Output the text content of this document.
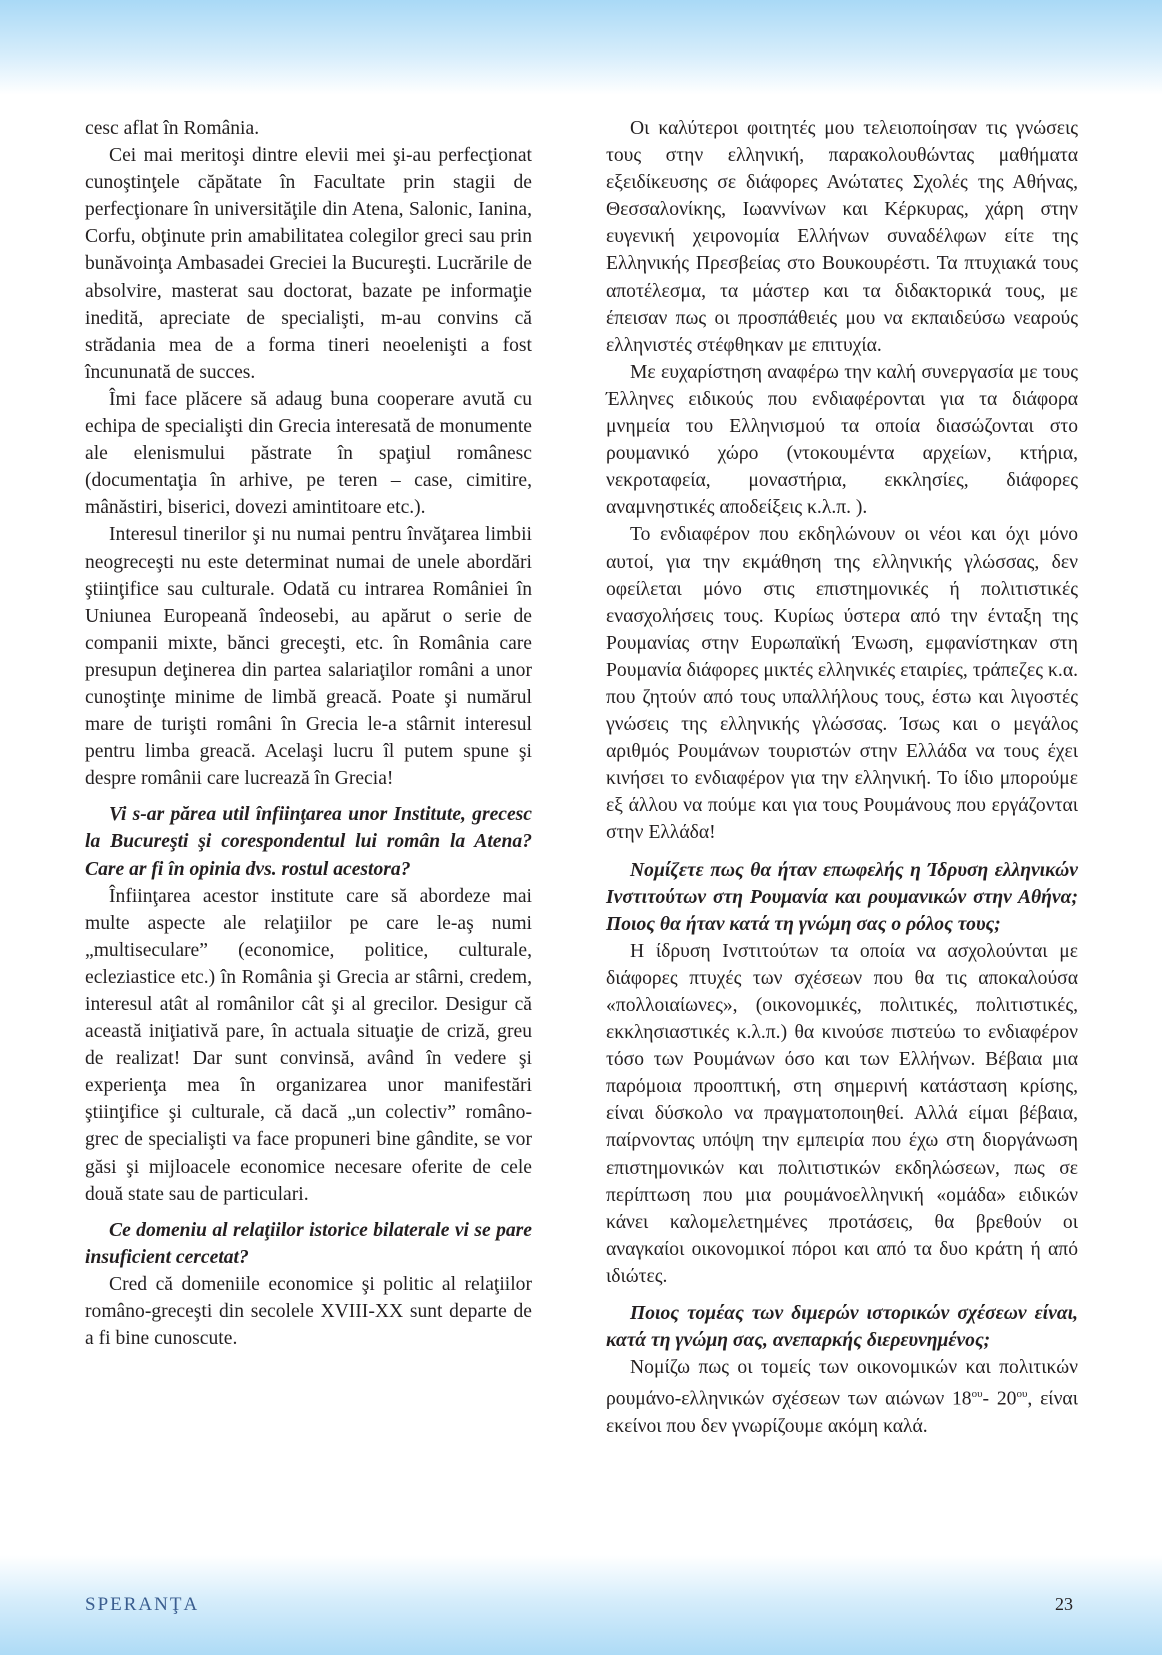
cesc aflat în România.

Cei mai meritoşi dintre elevii mei şi-au perfecţionat cunoştinţele căpătate în Facultate prin stagii de perfecţionare în universităţile din Atena, Salonic, Ianina, Corfu, obţinute prin amabilitatea colegilor greci sau prin bunăvoinţa Ambasadei Greciei la Bucureşti. Lucrările de absolvire, masterat sau doctorat, bazate pe informaţie inedită, apreciate de specialişti, m-au convins că strădania mea de a forma tineri neoelenişti a fost încununată de succes.

Îmi face plăcere să adaug buna cooperare avută cu echipa de specialişti din Grecia interesată de monumente ale elenismului păstrate în spaţiul românesc (documentaţia în arhive, pe teren – case, cimitire, mânăstiri, biserici, dovezi amintitoare etc.).

Interesul tinerilor şi nu numai pentru învăţarea limbii neogreceşti nu este determinat numai de unele abordări ştiinţifice sau culturale. Odată cu intrarea României în Uniunea Europeană îndeosebi, au apărut o serie de companii mixte, bănci greceşti, etc. în România care presupun deţinerea din partea salariaţilor români a unor cunoştinţe minime de limbă greacă. Poate şi numărul mare de turişti români în Grecia le-a stârnit interesul pentru limba greacă. Acelaşi lucru îl putem spune şi despre românii care lucrează în Grecia!

Vi s-ar părea util înfiinţarea unor Institute, grecesc la Bucureşti şi corespondentul lui român la Atena? Care ar fi în opinia dvs. rostul acestora?

Înfiinţarea acestor institute care să abordeze mai multe aspecte ale relaţiilor pe care le-aş numi „multiseculare” (economice, politice, culturale, ecleziastice etc.) în România şi Grecia ar stârni, credem, interesul atât al românilor cât şi al grecilor. Desigur că această iniţiativă pare, în actuala situaţie de criză, greu de realizat! Dar sunt convinsă, având în vedere şi experienţa mea în organizarea unor manifestări ştiinţifice şi culturale, că dacă „un colectiv” româno-grec de specialişti va face propuneri bine gândite, se vor găsi şi mijloacele economice necesare oferite de cele două state sau de particulari.

Ce domeniu al relaţiilor istorice bilaterale vi se pare insuficient cercetat?

Cred că domeniile economice şi politic al relaţiilor româno-greceşti din secolele XVIII-XX sunt departe de a fi bine cunoscute.

Οι καλύτεροι φοιτητές μου τελειοποίησαν τις γνώσεις τους στην ελληνική, παρακολουθώντας μαθήματα εξειδίκευσης σε διάφορες Ανώτατες Σχολές της Αθήνας, Θεσσαλονίκης, Ιωαννίνων και Κέρκυρας, χάρη στην ευγενική χειρονομία Ελλήνων συναδέλφων είτε της Ελληνικής Πρεσβείας στο Βουκουρέστι. Τα πτυχιακά τους αποτέλεσμα, τα μάστερ και τα διδακτορικά τους, με έπεισαν πως οι προσπάθειές μου να εκπαιδεύσω νεαρούς ελληνιστές στέφθηκαν με επιτυχία.

Με ευχαρίστηση αναφέρω την καλή συνεργασία με τους Έλληνες ειδικούς που ενδιαφέρονται για τα διάφορα μνημεία του Ελληνισμού τα οποία διασώζονται στο ρουμανικό χώρο (ντοκουμέντα αρχείων, κτήρια, νεκροταφεία, μοναστήρια, εκκλησίες, διάφορες αναμνηστικές αποδείξεις κ.λ.π. ).

Το ενδιαφέρον που εκδηλώνουν οι νέοι και όχι μόνο αυτοί, για την εκμάθηση της ελληνικής γλώσσας, δεν οφείλεται μόνο στις επιστημονικές ή πολιτιστικές ενασχολήσεις τους. Κυρίως ύστερα από την ένταξη της Ρουμανίας στην Ευρωπαϊκή Ένωση, εμφανίστηκαν στη Ρουμανία διάφορες μικτές ελληνικές εταιρίες, τράπεζες κ.α. που ζητούν από τους υπαλλήλους τους, έστω και λιγοστές γνώσεις της ελληνικής γλώσσας. Ίσως και ο μεγάλος αριθμός Ρουμάνων τουριστών στην Ελλάδα να τους έχει κινήσει το ενδιαφέρον για την ελληνική. Το ίδιο μπορούμε εξ άλλου να πούμε και για τους Ρουμάνους που εργάζονται στην Ελλάδα!

Νομίζετε πως θα ήταν επωφελής η Ίδρυση ελληνικών Ινστιτούτων στη Ρουμανία και ρουμανικών στην Αθήνα; Ποιος θα ήταν κατά τη γνώμη σας ο ρόλος τους;

Η ίδρυση Ινστιτούτων τα οποία να ασχολούνται με διάφορες πτυχές των σχέσεων που θα τις αποκαλούσα «πολλοιαίωνες», (οικονομικές, πολιτικές, πολιτιστικές, εκκλησιαστικές κ.λ.π.) θα κινούσε πιστεύω το ενδιαφέρον τόσο των Ρουμάνων όσο και των Ελλήνων. Βέβαια μια παρόμοια προοπτική, στη σημερινή κατάσταση κρίσης, είναι δύσκολο να πραγματοποιηθεί. Αλλά είμαι βέβαια, παίρνοντας υπόψη την εμπειρία που έχω στη διοργάνωση επιστημονικών και πολιτιστικών εκδηλώσεων, πως σε περίπτωση που μια ρουμάνοελληνική «ομάδα» ειδικών κάνει καλομελετημένες προτάσεις, θα βρεθούν οι αναγκαίοι οικονομικοί πόροι και από τα δυο κράτη ή από ιδιώτες.

Ποιος τομέας των διμερών ιστορικών σχέσεων είναι, κατά τη γνώμη σας, ανεπαρκής διερευνημένος;

Νομίζω πως οι τομείς των οικονομικών και πολιτικών ρουμάνο-ελληνικών σχέσεων των αιώνων $18^{o\upsilon}-$ $20^{o\upsilon}$, είναι εκείνοι που δεν γνωρίζουμε ακόμη καλά.

SPERANŢA	23
